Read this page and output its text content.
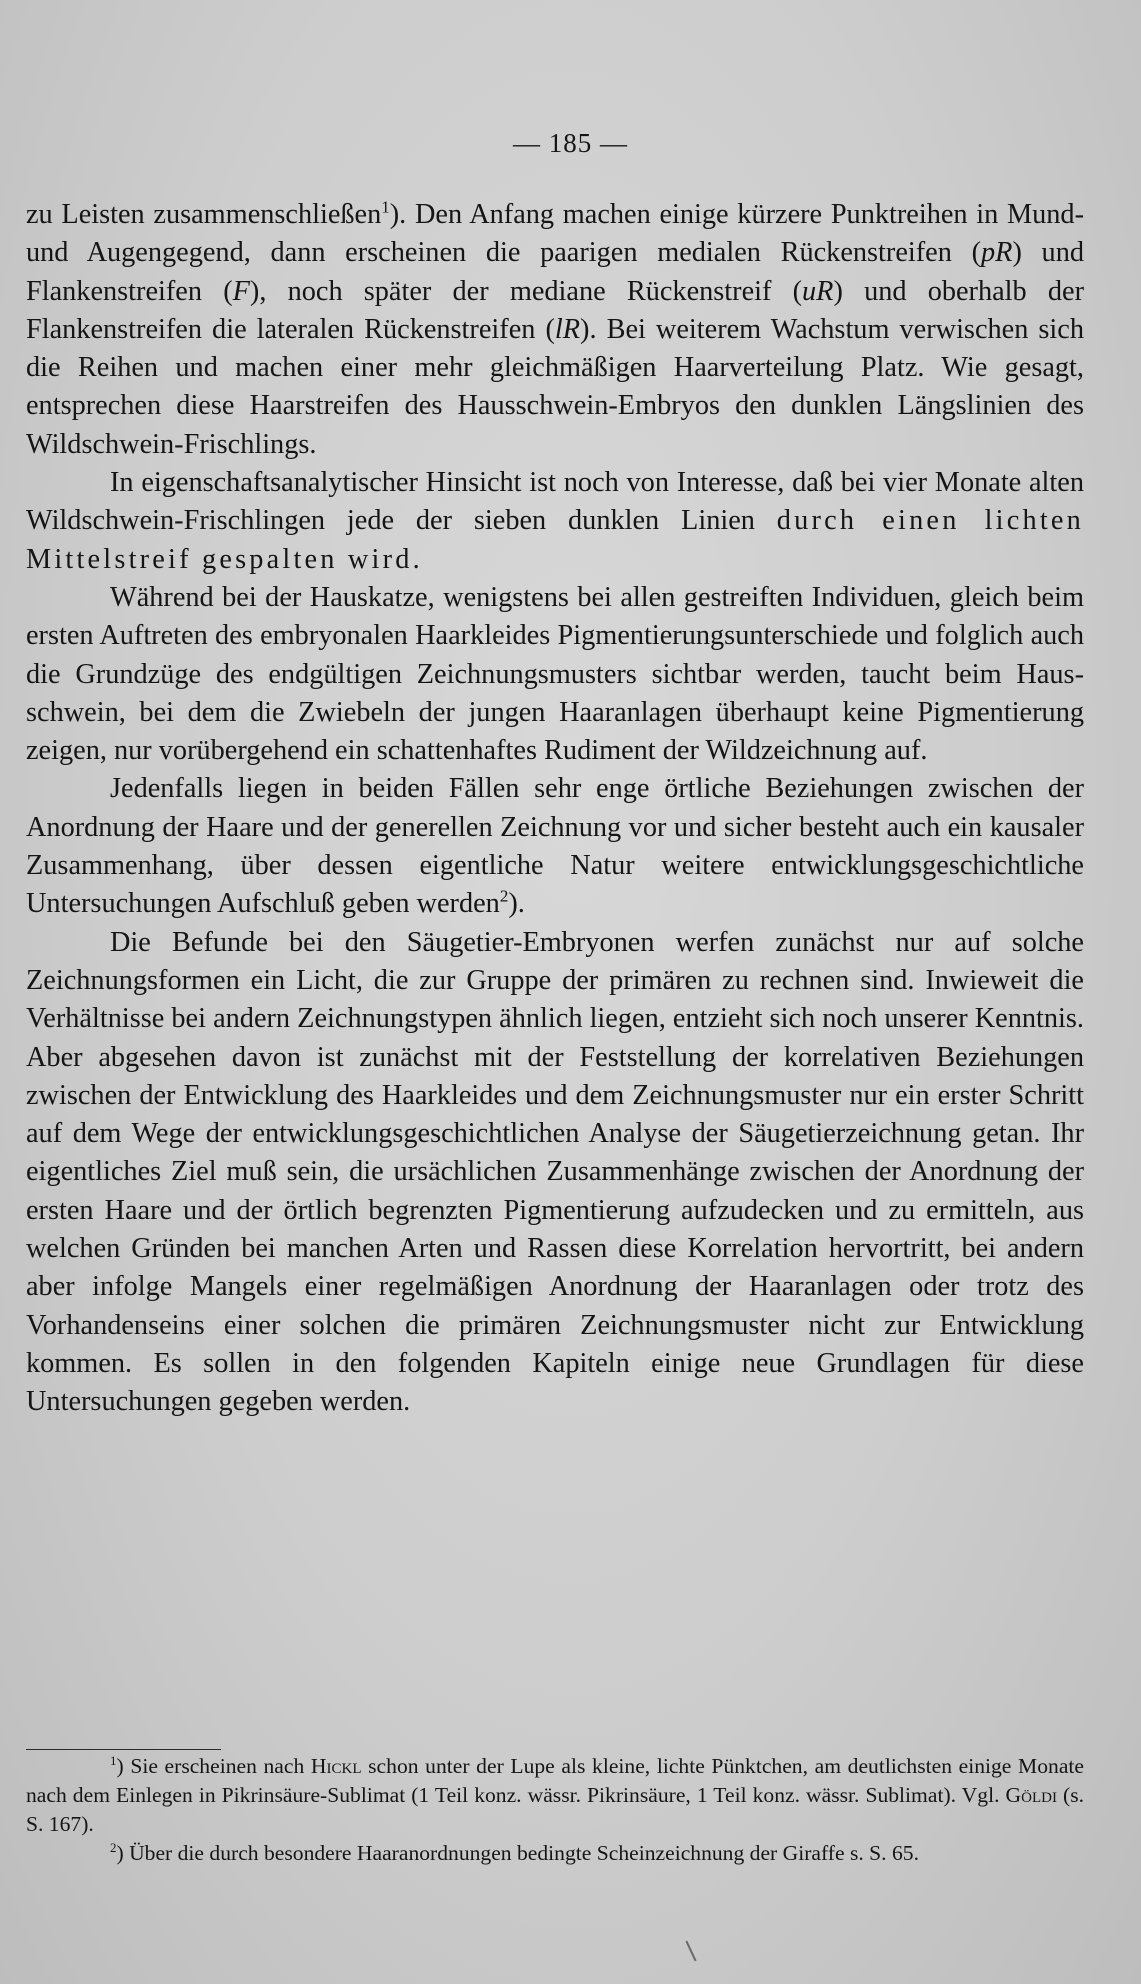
— 185 —

zu Leisten zusammenschließen$^1$). Den Anfang machen einige kürzere Punktreihen in Mund- und Augengegend, dann erscheinen die paarigen medialen Rückenstreifen (pR) und Flankenstreifen (F), noch später der mediane Rückenstreif (uR) und oberhalb der Flankenstreifen die lateralen Rückenstreifen (lR). Bei weiterem Wachstum verwischen sich die Reihen und machen einer mehr gleichmäßigen Haarverteilung Platz. Wie gesagt, entsprechen diese Haarstreifen des Hausschwein-Embryos den dunklen Längslinien des Wildschwein-Frischlings.

In eigenschaftsanalytischer Hinsicht ist noch von Interesse, daß bei vier Monate alten Wildschwein-Frischlingen jede der sieben dunklen Linien durch einen lichten Mittelstreif gespalten wird.

Während bei der Hauskatze, wenigstens bei allen gestreiften Individuen, gleich beim ersten Auftreten des embryonalen Haarkleides Pigmentierungsunterschiede und folglich auch die Grundzüge des endgültigen Zeichnungsmusters sichtbar werden, taucht beim Hausschwein, bei dem die Zwiebeln der jungen Haaranlagen überhaupt keine Pigmentierung zeigen, nur vorübergehend ein schattenhaftes Rudiment der Wildzeichnung auf.

Jedenfalls liegen in beiden Fällen sehr enge örtliche Beziehungen zwischen der Anordnung der Haare und der generellen Zeichnung vor und sicher besteht auch ein kausaler Zusammenhang, über dessen eigentliche Natur weitere entwicklungsgeschichtliche Untersuchungen Aufschluß geben werden$^2$).

Die Befunde bei den Säugetier-Embryonen werfen zunächst nur auf solche Zeichnungsformen ein Licht, die zur Gruppe der primären zu rechnen sind. Inwieweit die Verhältnisse bei andern Zeichnungstypen ähnlich liegen, entzieht sich noch unserer Kenntnis. Aber abgesehen davon ist zunächst mit der Feststellung der korrelativen Beziehungen zwischen der Entwicklung des Haarkleides und dem Zeichnungsmuster nur ein erster Schritt auf dem Wege der entwicklungsgeschichtlichen Analyse der Säugetierzeichnung getan. Ihr eigentliches Ziel muß sein, die ursächlichen Zusammenhänge zwischen der Anordnung der ersten Haare und der örtlich begrenzten Pigmentierung aufzudecken und zu ermitteln, aus welchen Gründen bei manchen Arten und Rassen diese Korrelation hervortritt, bei andern aber infolge Mangels einer regelmäßigen Anordnung der Haaranlagen oder trotz des Vorhandenseins einer solchen die primären Zeichnungsmuster nicht zur Entwicklung kommen. Es sollen in den folgenden Kapiteln einige neue Grundlagen für diese Untersuchungen gegeben werden.

$^1$) Sie erscheinen nach Hickl schon unter der Lupe als kleine, lichte Pünktchen, am deutlichsten einige Monate nach dem Einlegen in Pikrinsäure-Sublimat (1 Teil konz. wässr. Pikrinsäure, 1 Teil konz. wässr. Sublimat). Vgl. Göldi (s. S. 167).

$^2$) Über die durch besondere Haaranordnungen bedingte Scheinzeichnung der Giraffe s. S. 65.
